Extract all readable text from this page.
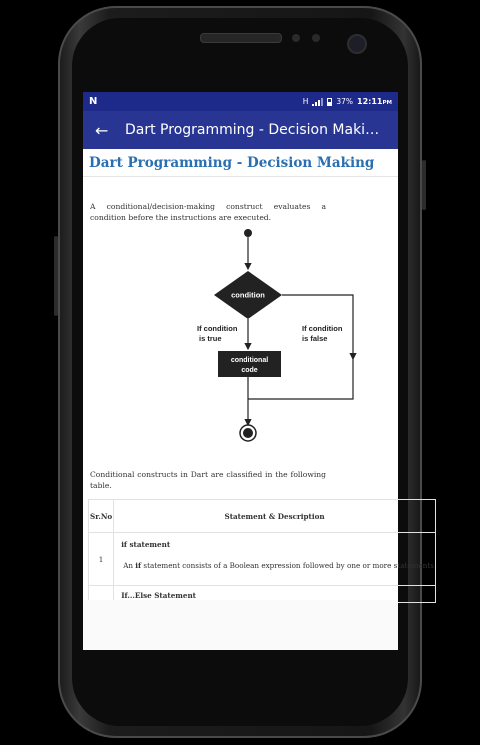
N	H	37% 12:11PM
←	Dart Programming - Decision Maki…
Dart Programming - Decision Making
A conditional/decision-making construct evaluates a condition before the instructions are executed.
condition
If condition
is true
If condition
is false
conditional
code
Conditional constructs in Dart are classified in the following table.
Sr.No	Statement & Description
1	if statement
An if statement consists of a Boolean expression followed by one or more statements

	If...Else Statement
